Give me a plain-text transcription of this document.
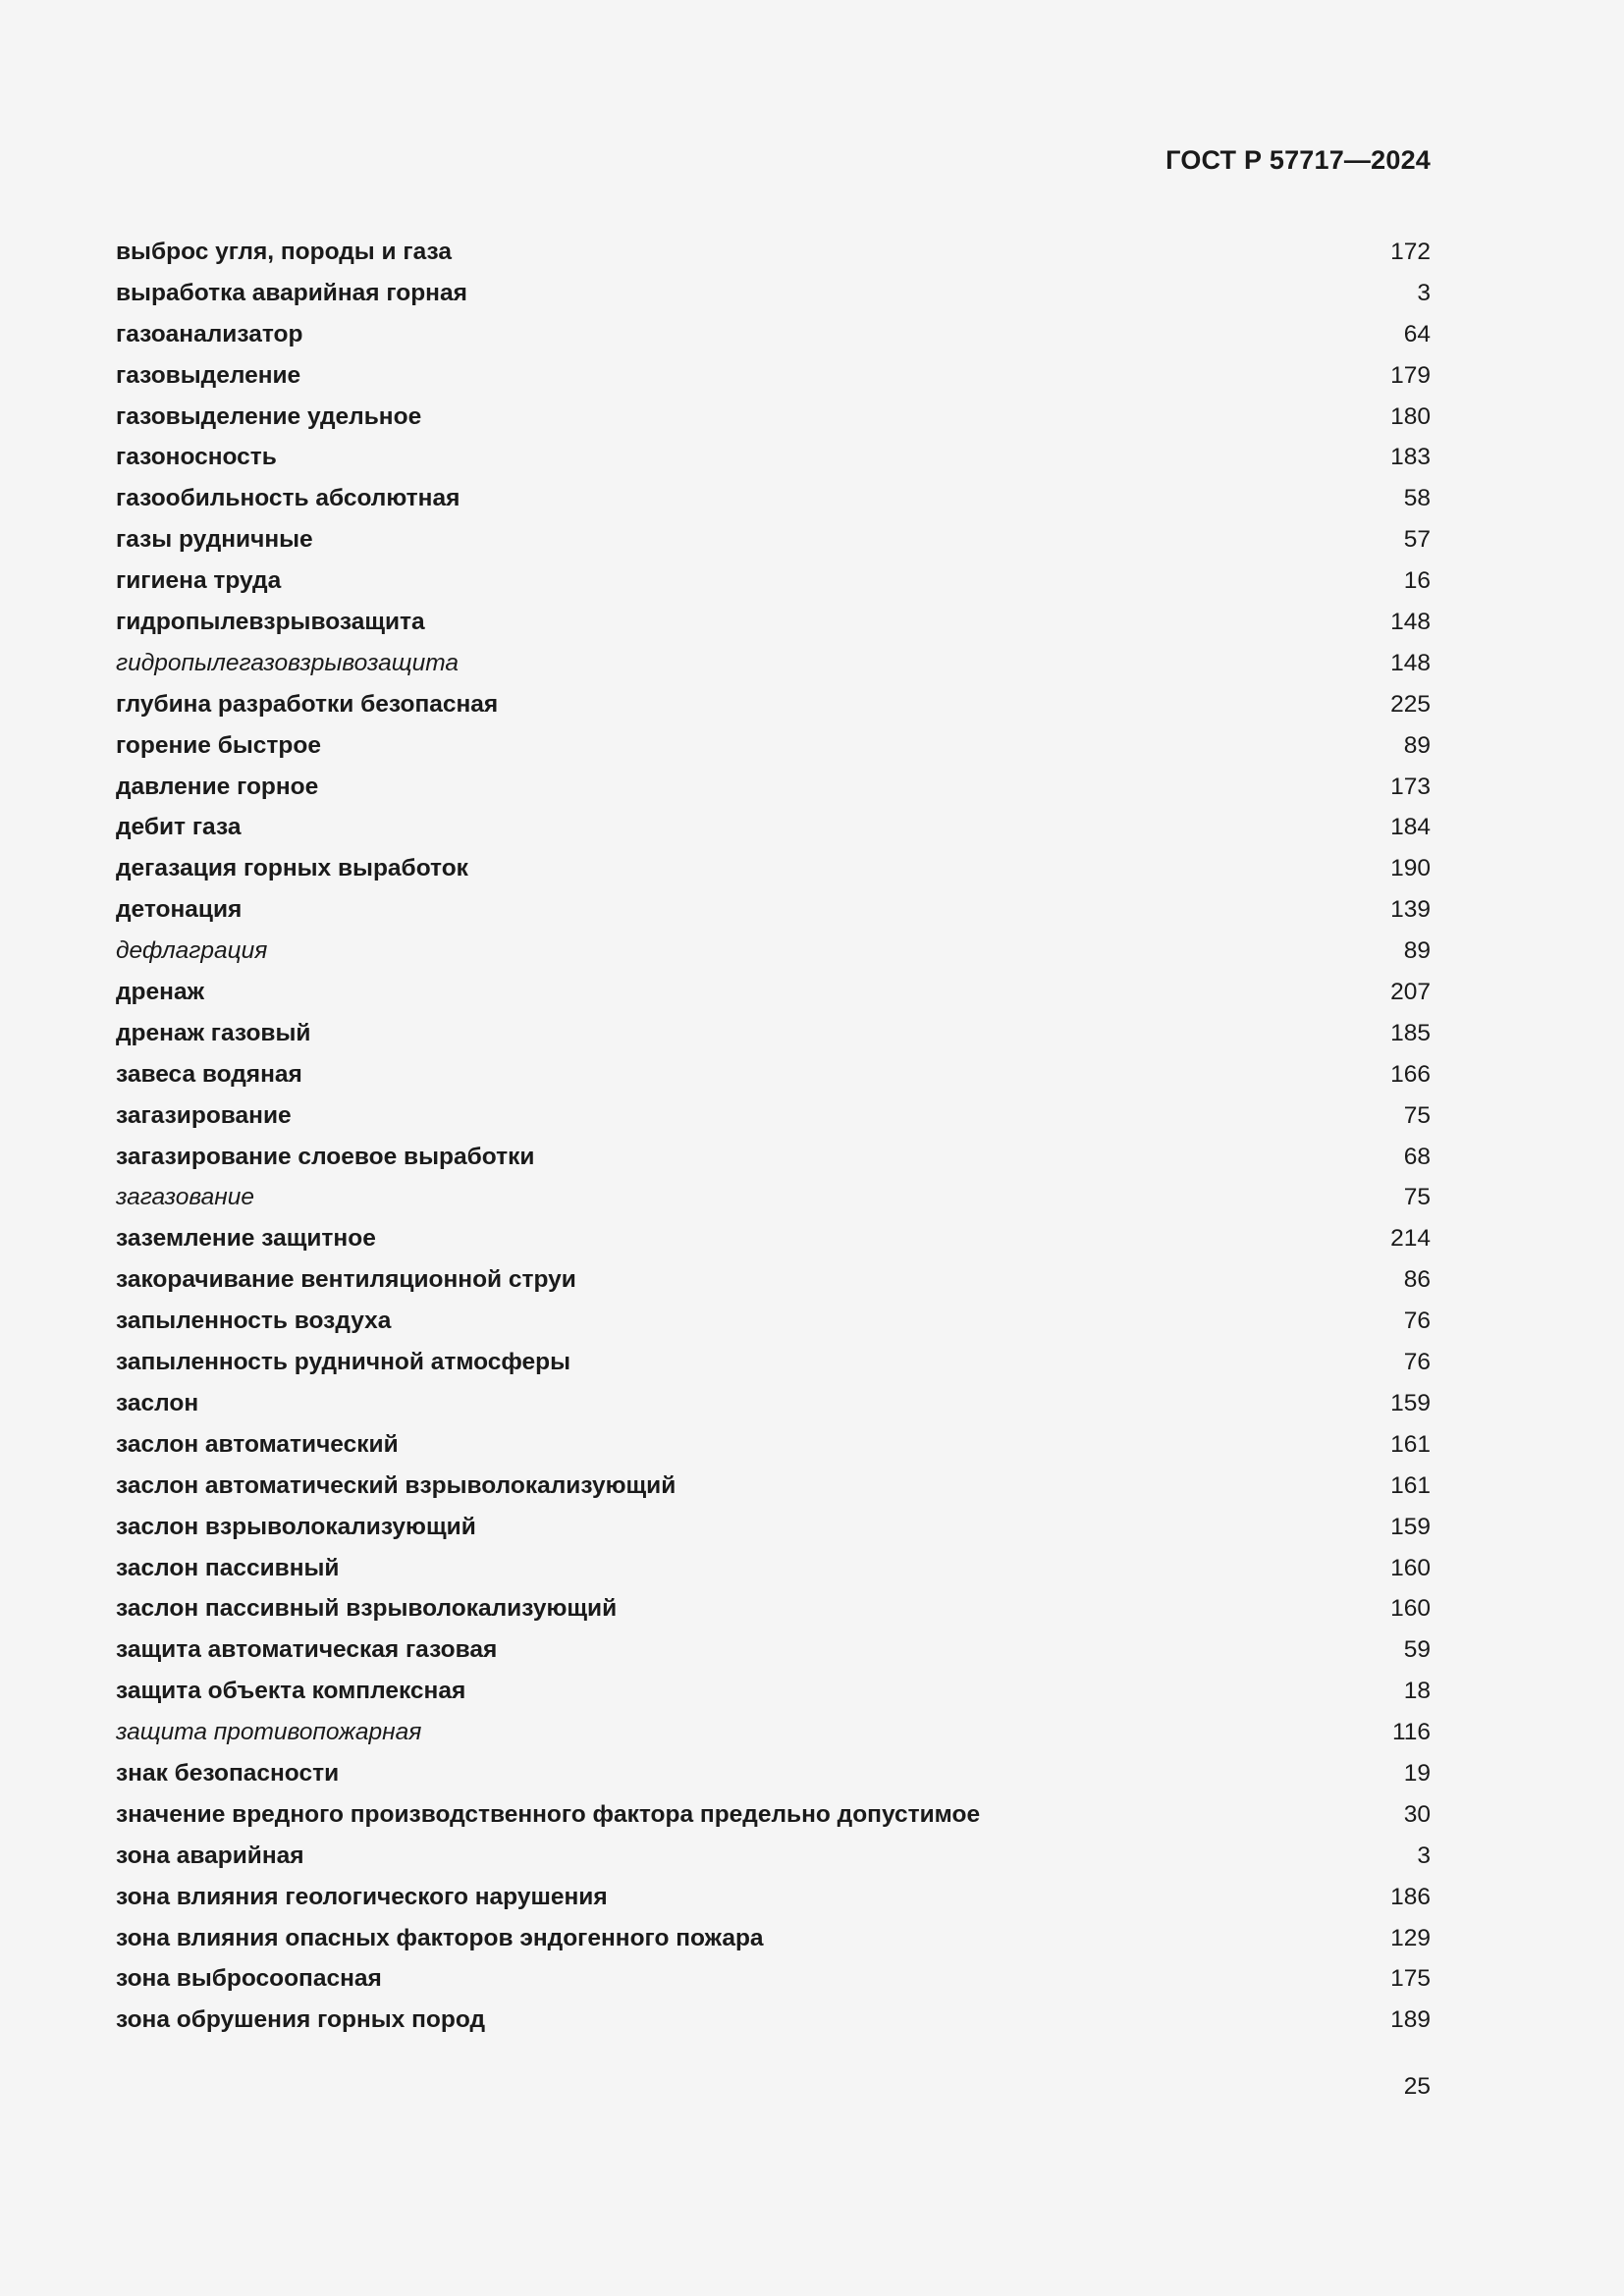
ГОСТ Р 57717—2024
выброс угля, породы и газа	172
выработка аварийная горная	3
газоанализатор	64
газовыделение	179
газовыделение удельное	180
газоносность	183
газообильность абсолютная	58
газы рудничные	57
гигиена труда	16
гидропылевзрывозащита	148
гидропылегазовзрывозащита	148
глубина разработки безопасная	225
горение быстрое	89
давление горное	173
дебит газа	184
дегазация горных выработок	190
детонация	139
дефлаграция	89
дренаж	207
дренаж газовый	185
завеса водяная	166
загазирование	75
загазирование слоевое выработки	68
загазование	75
заземление защитное	214
закорачивание вентиляционной струи	86
запыленность воздуха	76
запыленность рудничной атмосферы	76
заслон	159
заслон автоматический	161
заслон автоматический взрыволокализующий	161
заслон взрыволокализующий	159
заслон пассивный	160
заслон пассивный взрыволокализующий	160
защита автоматическая газовая	59
защита объекта комплексная	18
защита противопожарная	116
знак безопасности	19
значение вредного производственного фактора предельно допустимое	30
зона аварийная	3
зона влияния геологического нарушения	186
зона влияния опасных факторов эндогенного пожара	129
зона выбросоопасная	175
зона обрушения горных пород	189
25
